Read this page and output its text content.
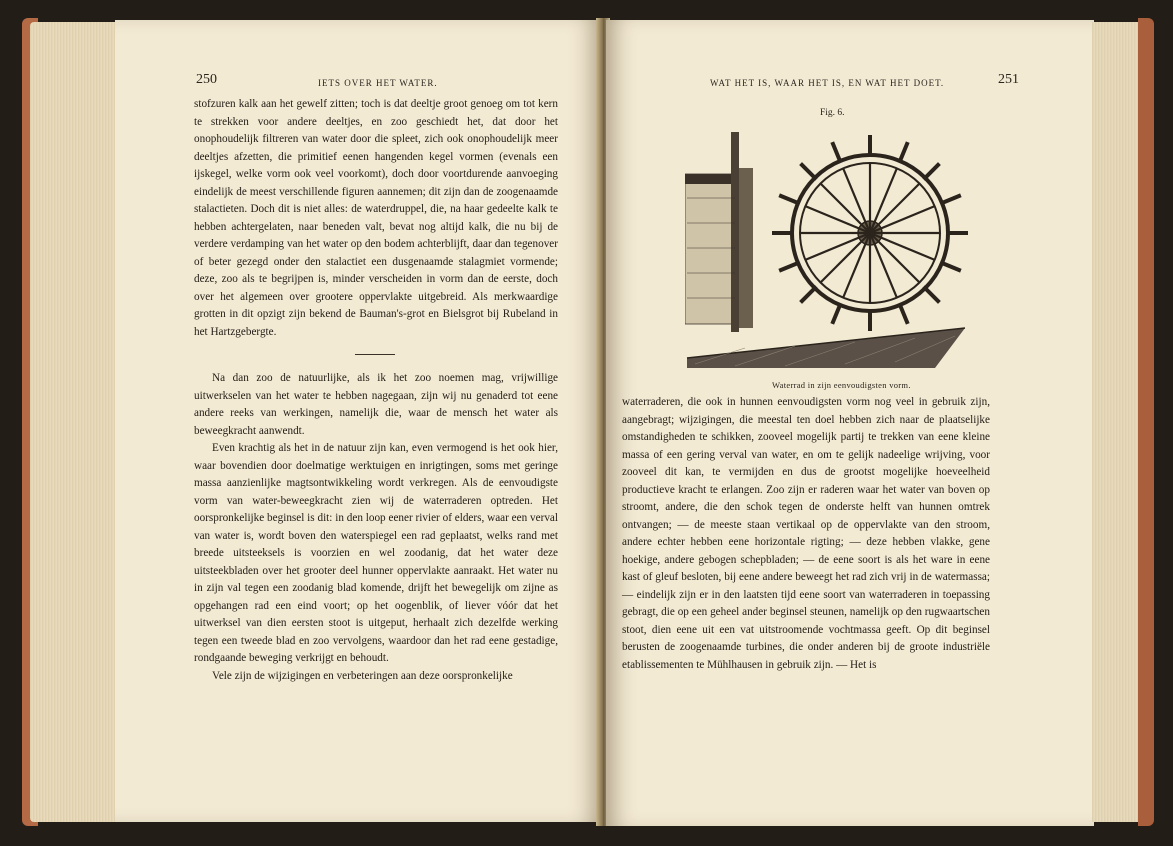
250	IETS OVER HET WATER.

stofzuren kalk aan het gewelf zitten; toch is dat deeltje groot genoeg om tot kern te strekken voor andere deeltjes, en zoo geschiedt het, dat door het onophoudelijk filtreren van water door die spleet, zich ook onophoudelijk meer deeltjes afzetten, die primitief eenen hangenden kegel vormen (evenals een ijskegel, welke vorm ook veel voorkomt), doch door voortdurende aanvoeging eindelijk de meest verschillende figuren aannemen; dit zijn dan de zoogenaamde stalactieten. Doch dit is niet alles: de waterdruppel, die, na haar gedeelte kalk te hebben achtergelaten, naar beneden valt, bevat nog altijd kalk, die nu bij de verdere verdamping van het water op den bodem achterblijft, daar dan tegenover of beter gezegd onder den stalactiet een dusgenaamde stalagmiet vormende; deze, zoo als te begrijpen is, minder verscheiden in vorm dan de eerste, doch over het algemeen over grootere oppervlakte uitgebreid. Als merkwaardige grotten in dit opzigt zijn bekend de Bauman's-grot en Bielsgrot bij Rubeland in het Hartzgebergte.

Na dan zoo de natuurlijke, als ik het zoo noemen mag, vrijwillige uitwerkselen van het water te hebben nagegaan, zijn wij nu genaderd tot eene andere reeks van werkingen, namelijk die, waar de mensch het water als beweegkracht aanwendt.

Even krachtig als het in de natuur zijn kan, even vermogend is het ook hier, waar bovendien door doelmatige werktuigen en inrigtingen, soms met geringe massa aanzienlijke magtsontwikkeling wordt verkregen. Als de eenvoudigste vorm van water-beweegkracht zien wij de waterraderen optreden. Het oorspronkelijke beginsel is dit: in den loop eener rivier of elders, waar een verval van water is, wordt boven den waterspiegel een rad geplaatst, welks rand met breede uitsteeksels is voorzien en wel zoodanig, dat het water deze uitsteekbladen over het grooter deel hunner oppervlakte aanraakt. Het water nu in zijn val tegen een zoodanig blad komende, drijft het bewegelijk om zijne as opgehangen rad een eind voort; op het oogenblik, of liever vóór dat het uitwerksel van dien eersten stoot is uitgeput, herhaalt zich dezelfde werking tegen een tweede blad en zoo vervolgens, waardoor dan het rad eene gestadige, rondgaande beweging verkrijgt en behoudt.

Vele zijn de wijzigingen en verbeteringen aan deze oorspronkelijke

WAT HET IS, WAAR HET IS, EN WAT HET DOET.	251
Fig. 6.
Waterrad in zijn eenvoudigsten vorm.

waterraderen, die ook in hunnen eenvoudigsten vorm nog veel in gebruik zijn, aangebragt; wijzigingen, die meestal ten doel hebben zich naar de plaatselijke omstandigheden te schikken, zooveel mogelijk partij te trekken van eene kleine massa of een gering verval van water, en om te gelijk nadeelige wrijving, voor zooveel dit kan, te vermijden en dus de grootst mogelijke hoeveelheid productieve kracht te erlangen. Zoo zijn er raderen waar het water van boven op stroomt, andere, die den schok tegen de onderste helft van hunnen omtrek ontvangen; — de meeste staan vertikaal op de oppervlakte van den stroom, andere echter hebben eene horizontale rigting; — deze hebben vlakke, gene hoekige, andere gebogen schepbladen; — de eene soort is als het ware in eene kast of gleuf besloten, bij eene andere beweegt het rad zich vrij in de watermassa; — eindelijk zijn er in den laatsten tijd eene soort van waterraderen in toepassing gebragt, die op een geheel ander beginsel steunen, namelijk op den rugwaartschen stoot, dien eene uit een vat uitstroomende vochtmassa geeft. Op dit beginsel berusten de zoogenaamde turbines, die onder anderen bij de groote industriële etablissementen te Mühlhausen in gebruik zijn. — Het is
